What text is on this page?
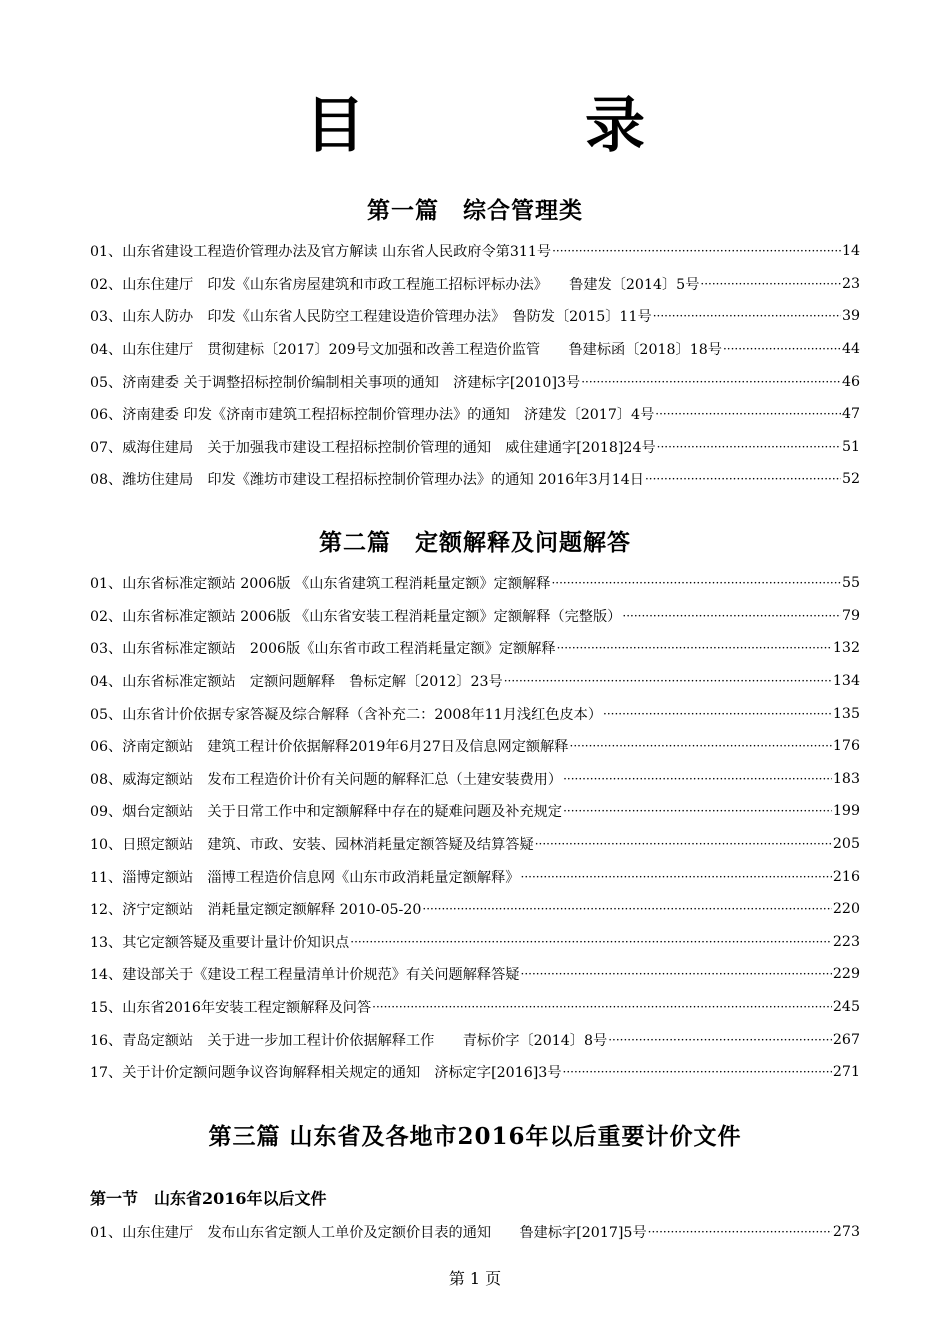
目　录
第一篇　综合管理类
01、山东省建设工程造价管理办法及官方解读 山东省人民政府令第311号 ·····	14
02、山东住建厅　印发《山东省房屋建筑和市政工程施工招标评标办法》　　鲁建发〔2014〕5号 ·····	23
03、山东人防办　印发《山东省人民防空工程建设造价管理办法》　鲁防发〔2015〕11号 ·····	39
04、山东住建厅　贯彻建标〔2017〕209号文加强和改善工程造价监管　　鲁建标函〔2018〕18号 ·····	44
05、济南建委 关于调整招标控制价编制相关事项的通知　济建标字[2010]3号 ·····	46
06、济南建委 印发《济南市建筑工程招标控制价管理办法》的通知　济建发〔2017〕4号 ·····	47
07、威海住建局　关于加强我市建设工程招标控制价管理的通知　威住建通字[2018]24号 ·····	51
08、潍坊住建局　印发《潍坊市建设工程招标控制价管理办法》的通知 2016年3月14日 ·····	52
第二篇　定额解释及问题解答
01、山东省标准定额站 2006版 《山东省建筑工程消耗量定额》定额解释 ·····	55
02、山东省标准定额站 2006版 《山东省安装工程消耗量定额》定额解释（完整版） ·····	79
03、山东省标准定额站　2006版《山东省市政工程消耗量定额》定额解释 ·····	132
04、山东省标准定额站　定额问题解释　鲁标定解〔2012〕23号 ·····	134
05、山东省计价依据专家答凝及综合解释（含补充二：2008年11月浅红色皮本） ·····	135
06、济南定额站　建筑工程计价依据解释2019年6月27日及信息网定额解释 ·····	176
08、威海定额站　发布工程造价计价有关问题的解释汇总（土建安装费用） ·····	183
09、烟台定额站　关于日常工作中和定额解释中存在的疑难问题及补充规定 ·····	199
10、日照定额站　建筑、市政、安装、园林消耗量定额答疑及结算答疑 ·····	205
11、淄博定额站　淄博工程造价信息网《山东市政消耗量定额解释》 ·····	216
12、济宁定额站　消耗量定额定额解释 2010-05-20 ·····	220
13、其它定额答疑及重要计量计价知识点 ·····	223
14、建设部关于《建设工程工程量清单计价规范》有关问题解释答疑 ·····	229
15、山东省2016年安装工程定额解释及问答 ·····	245
16、青岛定额站　关于进一步加工程计价依据解释工作　　青标价字〔2014〕8号 ·····	267
17、关于计价定额问题争议咨询解释相关规定的通知　济标定字[2016]3号 ·····	271
第三篇 山东省及各地市2016年以后重要计价文件
第一节　山东省2016年以后文件
01、山东住建厅　发布山东省定额人工单价及定额价目表的通知　　鲁建标字[2017]5号 ·····	273
第 1 页
